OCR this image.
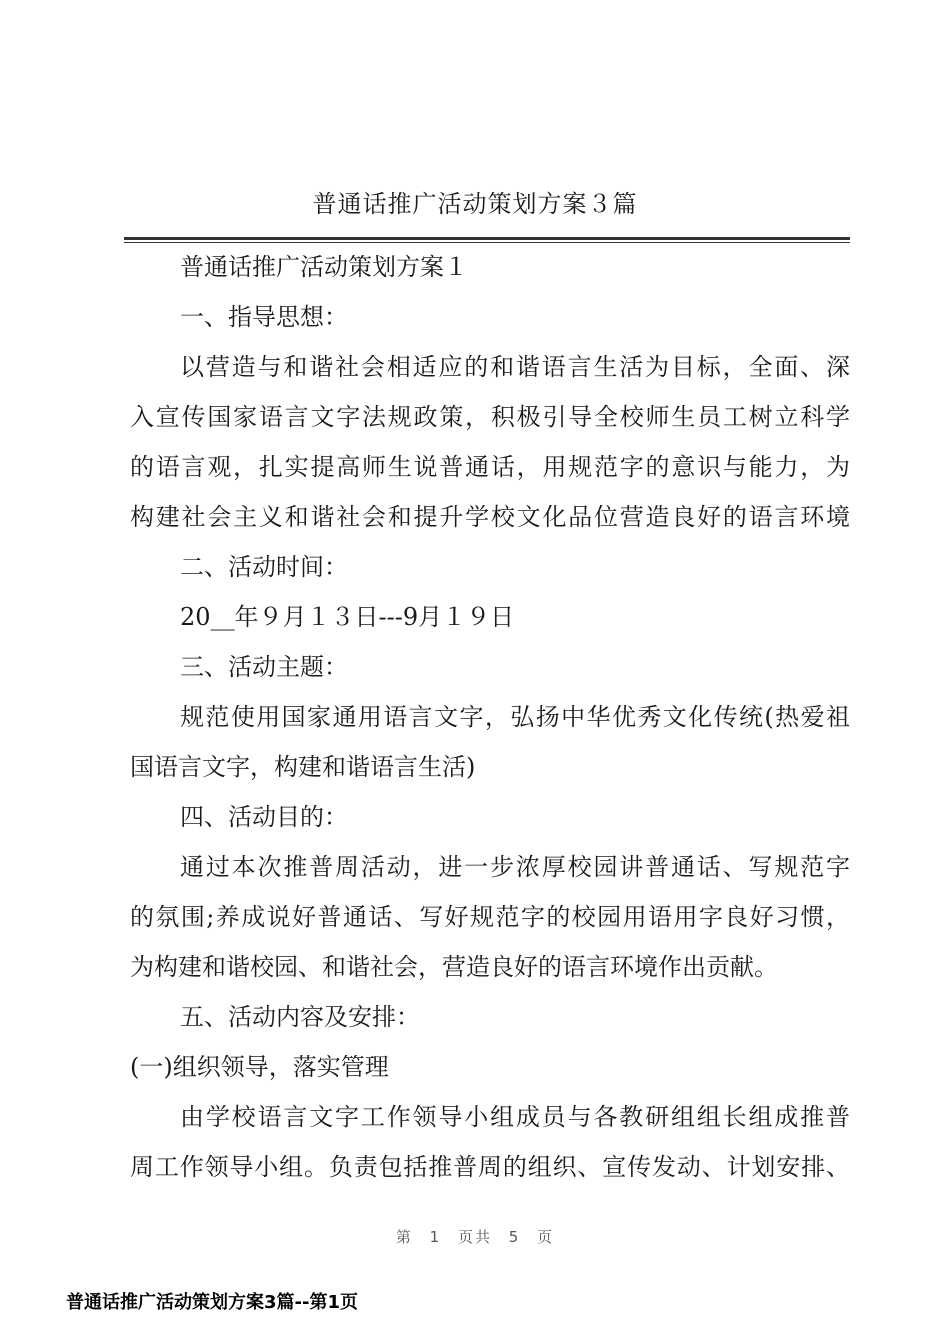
普通话推广活动策划方案３篇
普通话推广活动策划方案１
一、指导思想：
以营造与和谐社会相适应的和谐语言生活为目标，全面、深
入宣传国家语言文字法规政策，积极引导全校师生员工树立科学
的语言观，扎实提高师生说普通话，用规范字的意识与能力，为
构建社会主义和谐社会和提升学校文化品位营造良好的语言环境
二、活动时间：
20__年９月１３日---9月１９日
三、活动主题：
规范使用国家通用语言文字，弘扬中华优秀文化传统(热爱祖
国语言文字，构建和谐语言生活)
四、活动目的：
通过本次推普周活动，进一步浓厚校园讲普通话、写规范字
的氛围;养成说好普通话、写好规范字的校园用语用字良好习惯，
为构建和谐校园、和谐社会，营造良好的语言环境作出贡献。
五、活动内容及安排：
(一)组织领导，落实管理
由学校语言文字工作领导小组成员与各教研组组长组成推普
周工作领导小组。负责包括推普周的组织、宣传发动、计划安排、
第 1 页共 5 页
普通话推广活动策划方案3篇--第1页
